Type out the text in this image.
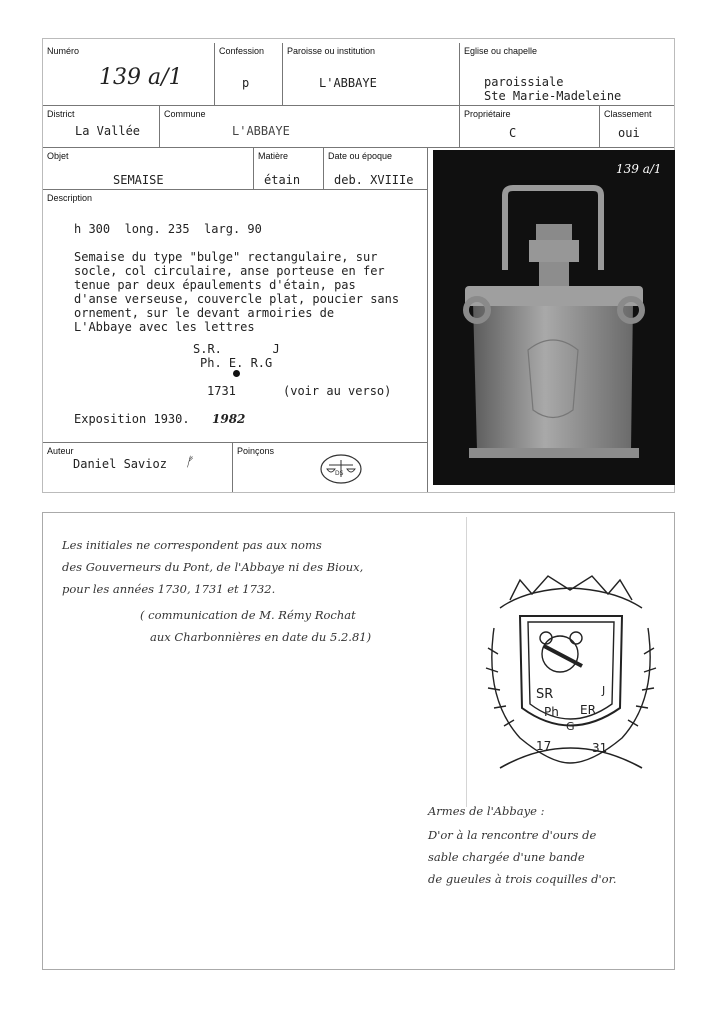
Numéro
139 a/1
Confession
p
Paroisse ou institution
L'ABBAYE
Eglise ou chapelle
paroissiale
Ste Marie-Madeleine
District
La Vallée
Commune
L'ABBAYE
Propriétaire
C
Classement
oui
Objet
SEMAISE
Matière
étain
Date ou époque
deb. XVIIIe
Description
Auteur
Daniel Savioz ᚠ
Poinçons
DS
h 300  long. 235  larg. 90
Semaise du type "bulge" rectangulaire, sur
socle, col circulaire, anse porteuse en fer
tenue par deux épaulements d'étain, pas
d'anse verseuse, couvercle plat, poucier sans
ornement, sur le devant armoiries de
L'Abbaye avec les lettres
S.R.       J
Ph. E. R.G
1731	(voir au verso)
Exposition 1930. 1982
139 a/1
Les initiales ne correspondent pas aux noms
des Gouverneurs du Pont, de l'Abbaye ni des Bioux,
pour les années 1730, 1731 et 1732.
( communication de M. Rémy Rochat
aux Charbonnières en date du 5.2.81)
SR	J
Ph ER
G
17	31
Armes de l'Abbaye :
D'or à la rencontre d'ours de
sable chargée d'une bande
de gueules à trois coquilles d'or.
